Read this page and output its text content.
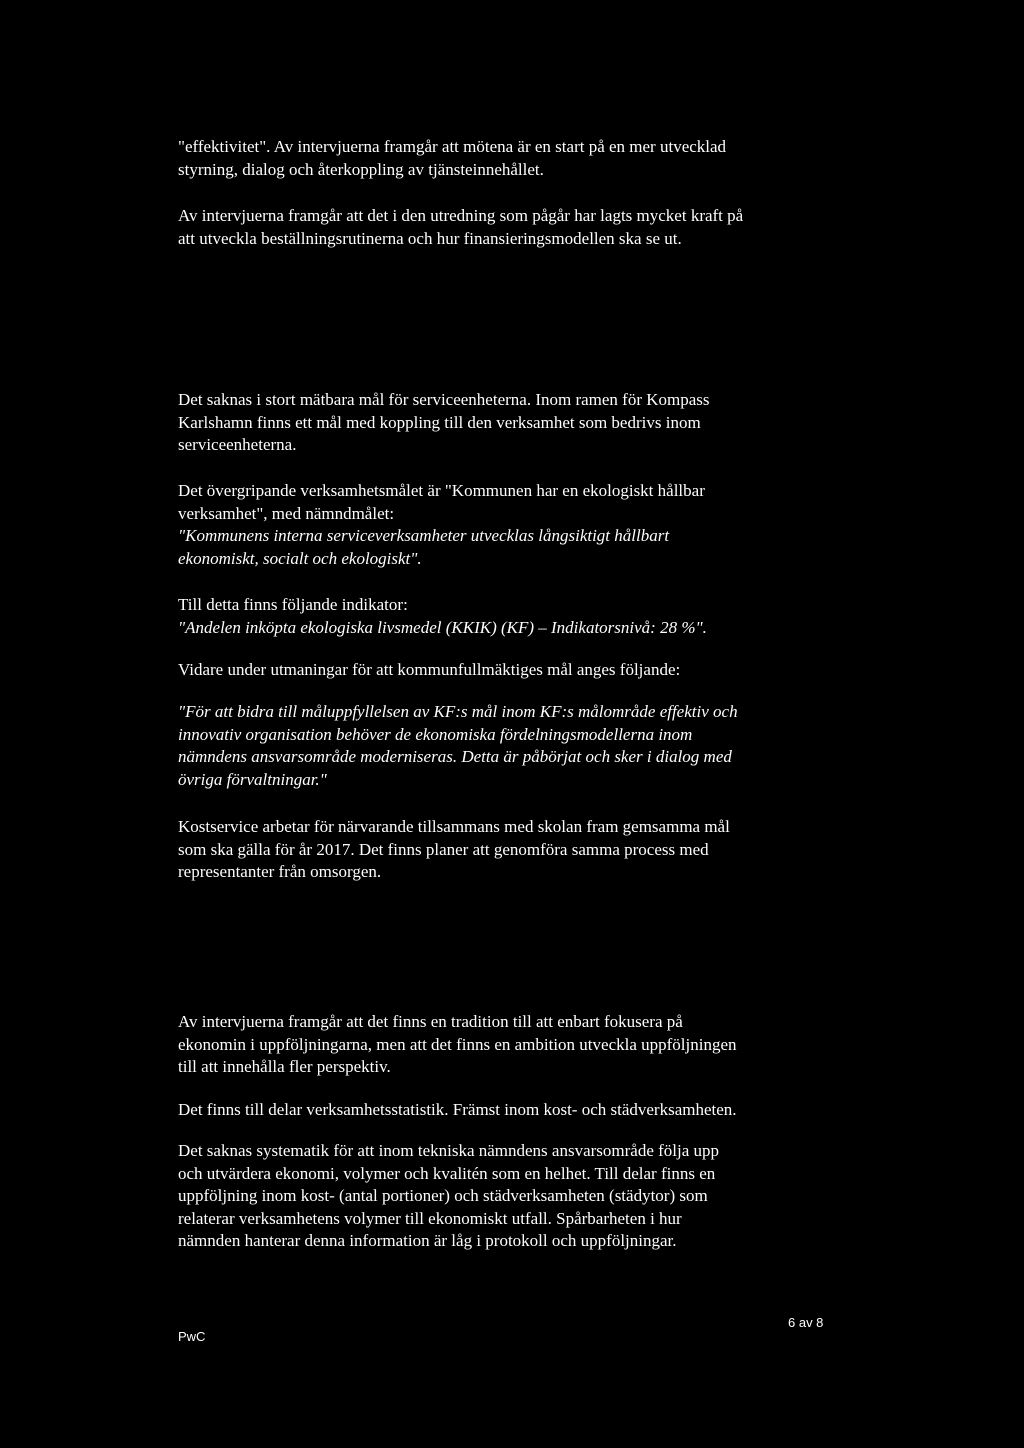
"effektivitet". Av intervjuerna framgår att mötena är en start på en mer utvecklad
styrning, dialog och återkoppling av tjänsteinnehållet.

Av intervjuerna framgår att det i den utredning som pågår har lagts mycket kraft på
att utveckla beställningsrutinerna och hur finansieringsmodellen ska se ut.

Det saknas i stort mätbara mål för serviceenheterna. Inom ramen för Kompass
Karlshamn finns ett mål med koppling till den verksamhet som bedrivs inom
serviceenheterna.

Det övergripande verksamhetsmålet är "Kommunen har en ekologiskt hållbar
verksamhet", med nämndmålet:

"Kommunens interna serviceverksamheter utvecklas långsiktigt hållbart
ekonomiskt, socialt och ekologiskt".

Till detta finns följande indikator:

"Andelen inköpta ekologiska livsmedel (KKIK) (KF) – Indikatorsnivå: 28 %".

Vidare under utmaningar för att kommunfullmäktiges mål anges följande:

"För att bidra till måluppfyllelsen av KF:s mål inom KF:s målområde effektiv och
innovativ organisation behöver de ekonomiska fördelningsmodellerna inom
nämndens ansvarsområde moderniseras. Detta är påbörjat och sker i dialog med
övriga förvaltningar."

Kostservice arbetar för närvarande tillsammans med skolan fram gemsamma mål
som ska gälla för år 2017. Det finns planer att genomföra samma process med
representanter från omsorgen.

Av intervjuerna framgår att det finns en tradition till att enbart fokusera på
ekonomin i uppföljningarna, men att det finns en ambition utveckla uppföljningen
till att innehålla fler perspektiv.

Det finns till delar verksamhetsstatistik. Främst inom kost- och städverksamheten.

Det saknas systematik för att inom tekniska nämndens ansvarsområde följa upp
och utvärdera ekonomi, volymer och kvalitén som en helhet. Till delar finns en
uppföljning inom kost- (antal portioner) och städverksamheten (städytor) som
relaterar verksamhetens volymer till ekonomiskt utfall. Spårbarheten i hur
nämnden hanterar denna information är låg i protokoll och uppföljningar.

PwC
6 av 8
